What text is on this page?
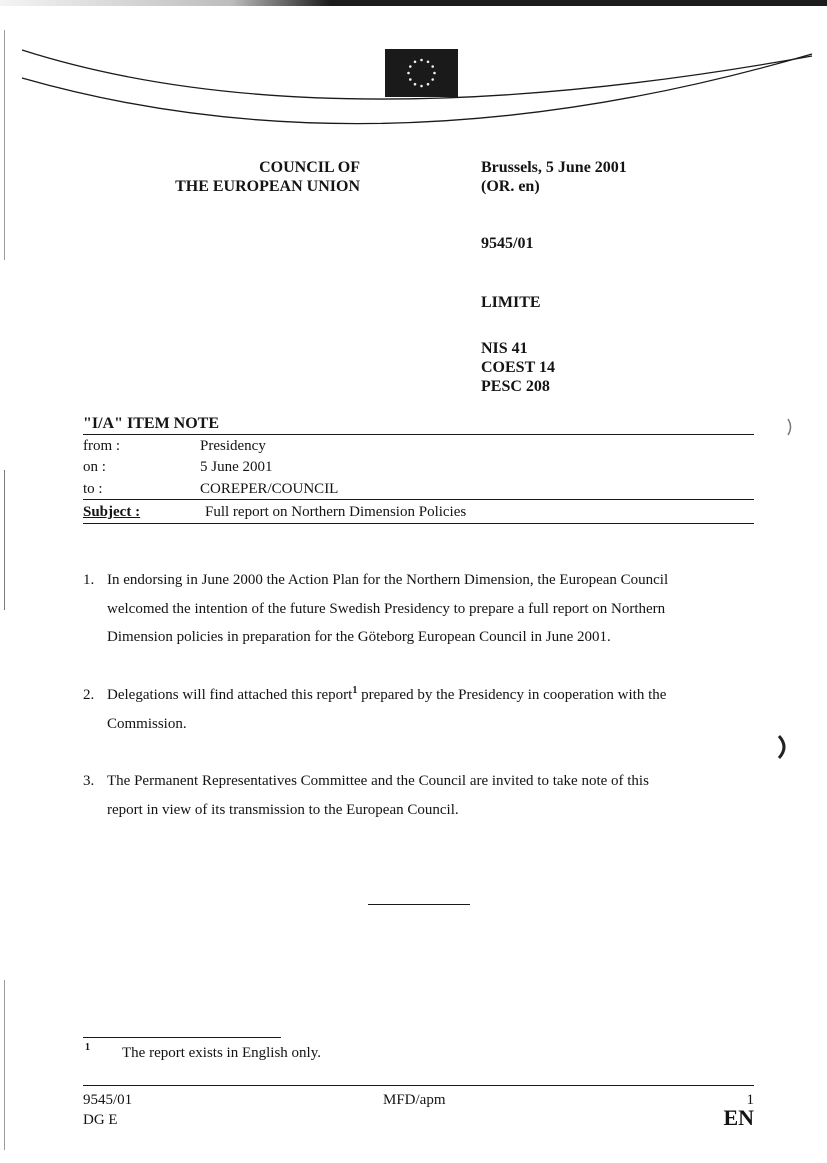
COUNCIL OF
THE EUROPEAN UNION
Brussels, 5 June 2001
(OR. en)
9545/01
LIMITE
NIS 41
COEST 14
PESC 208
"I/A" ITEM NOTE
from :	Presidency
on :	5 June 2001
to :	COREPER/COUNCIL
Subject :	Full report on Northern Dimension Policies
1. In endorsing in June 2000 the Action Plan for the Northern Dimension, the European Council
welcomed the intention of the future Swedish Presidency to prepare a full report on Northern
Dimension policies in preparation for the Göteborg European Council in June 2001.
2. Delegations will find attached this report$^1$ prepared by the Presidency in cooperation with the
Commission.
3. The Permanent Representatives Committee and the Council are invited to take note of this
report in view of its transmission to the European Council.
1 The report exists in English only.
9545/01
DG E
MFD/apm	1
EN
